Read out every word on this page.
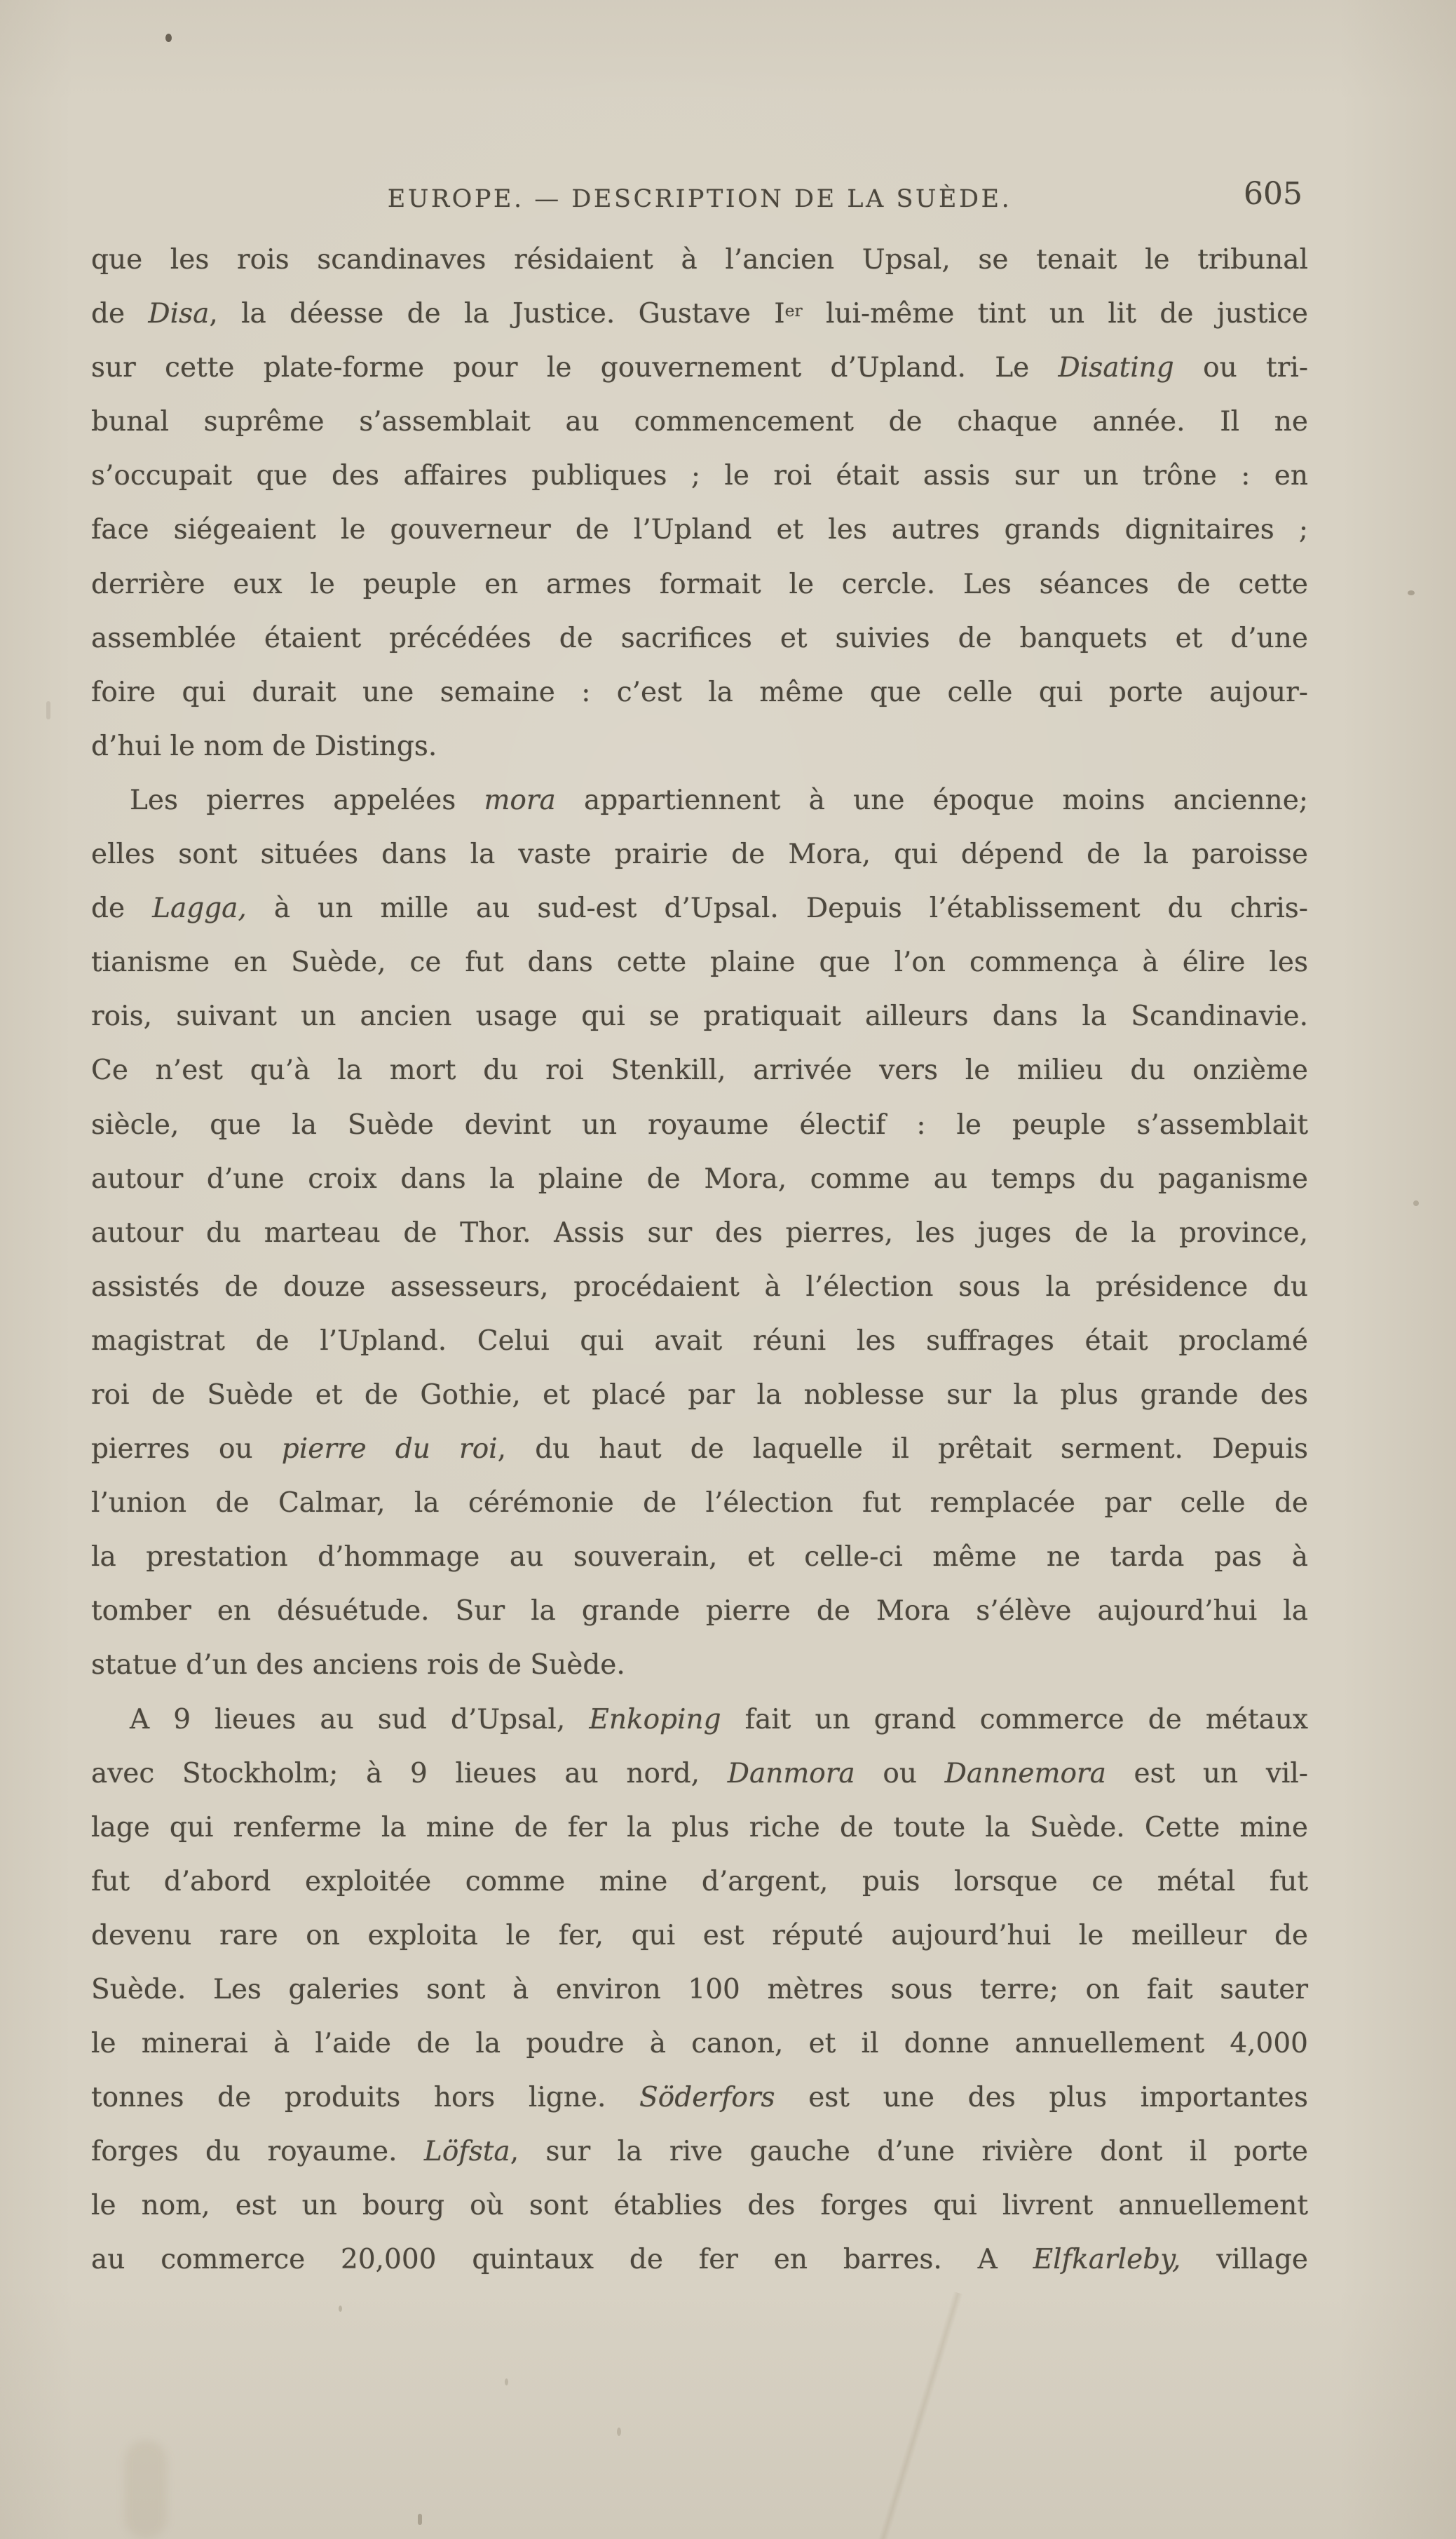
EUROPE. — DESCRIPTION DE LA SUÈDE.	605
que les rois scandinaves résidaient à l’ancien Upsal, se tenait le tribunal
de Disa, la déesse de la Justice. Gustave Ier lui-même tint un lit de justice
sur cette plate-forme pour le gouvernement d’Upland. Le Disating ou tri-
bunal suprême s’assemblait au commencement de chaque année. Il ne
s’occupait que des affaires publiques ; le roi était assis sur un trône : en
face siégeaient le gouverneur de l’Upland et les autres grands dignitaires ;
derrière eux le peuple en armes formait le cercle. Les séances de cette
assemblée étaient précédées de sacrifices et suivies de banquets et d’une
foire qui durait une semaine : c’est la même que celle qui porte aujour-
d’hui le nom de Distings.
Les pierres appelées mora appartiennent à une époque moins ancienne;
elles sont situées dans la vaste prairie de Mora, qui dépend de la paroisse
de Lagga, à un mille au sud-est d’Upsal. Depuis l’établissement du chris-
tianisme en Suède, ce fut dans cette plaine que l’on commença à élire les
rois, suivant un ancien usage qui se pratiquait ailleurs dans la Scandinavie.
Ce n’est qu’à la mort du roi Stenkill, arrivée vers le milieu du onzième
siècle, que la Suède devint un royaume électif : le peuple s’assemblait
autour d’une croix dans la plaine de Mora, comme au temps du paganisme
autour du marteau de Thor. Assis sur des pierres, les juges de la province,
assistés de douze assesseurs, procédaient à l’élection sous la présidence du
magistrat de l’Upland. Celui qui avait réuni les suffrages était proclamé
roi de Suède et de Gothie, et placé par la noblesse sur la plus grande des
pierres ou pierre du roi, du haut de laquelle il prêtait serment. Depuis
l’union de Calmar, la cérémonie de l’élection fut remplacée par celle de
la prestation d’hommage au souverain, et celle-ci même ne tarda pas à
tomber en désuétude. Sur la grande pierre de Mora s’élève aujourd’hui la
statue d’un des anciens rois de Suède.
A 9 lieues au sud d’Upsal, Enkoping fait un grand commerce de métaux
avec Stockholm; à 9 lieues au nord, Danmora ou Dannemora est un vil-
lage qui renferme la mine de fer la plus riche de toute la Suède. Cette mine
fut d’abord exploitée comme mine d’argent, puis lorsque ce métal fut
devenu rare on exploita le fer, qui est réputé aujourd’hui le meilleur de
Suède. Les galeries sont à environ 100 mètres sous terre; on fait sauter
le minerai à l’aide de la poudre à canon, et il donne annuellement 4,000
tonnes de produits hors ligne. Söderfors est une des plus importantes
forges du royaume. Löfsta, sur la rive gauche d’une rivière dont il porte
le nom, est un bourg où sont établies des forges qui livrent annuellement
au commerce 20,000 quintaux de fer en barres. A Elfkarleby, village
